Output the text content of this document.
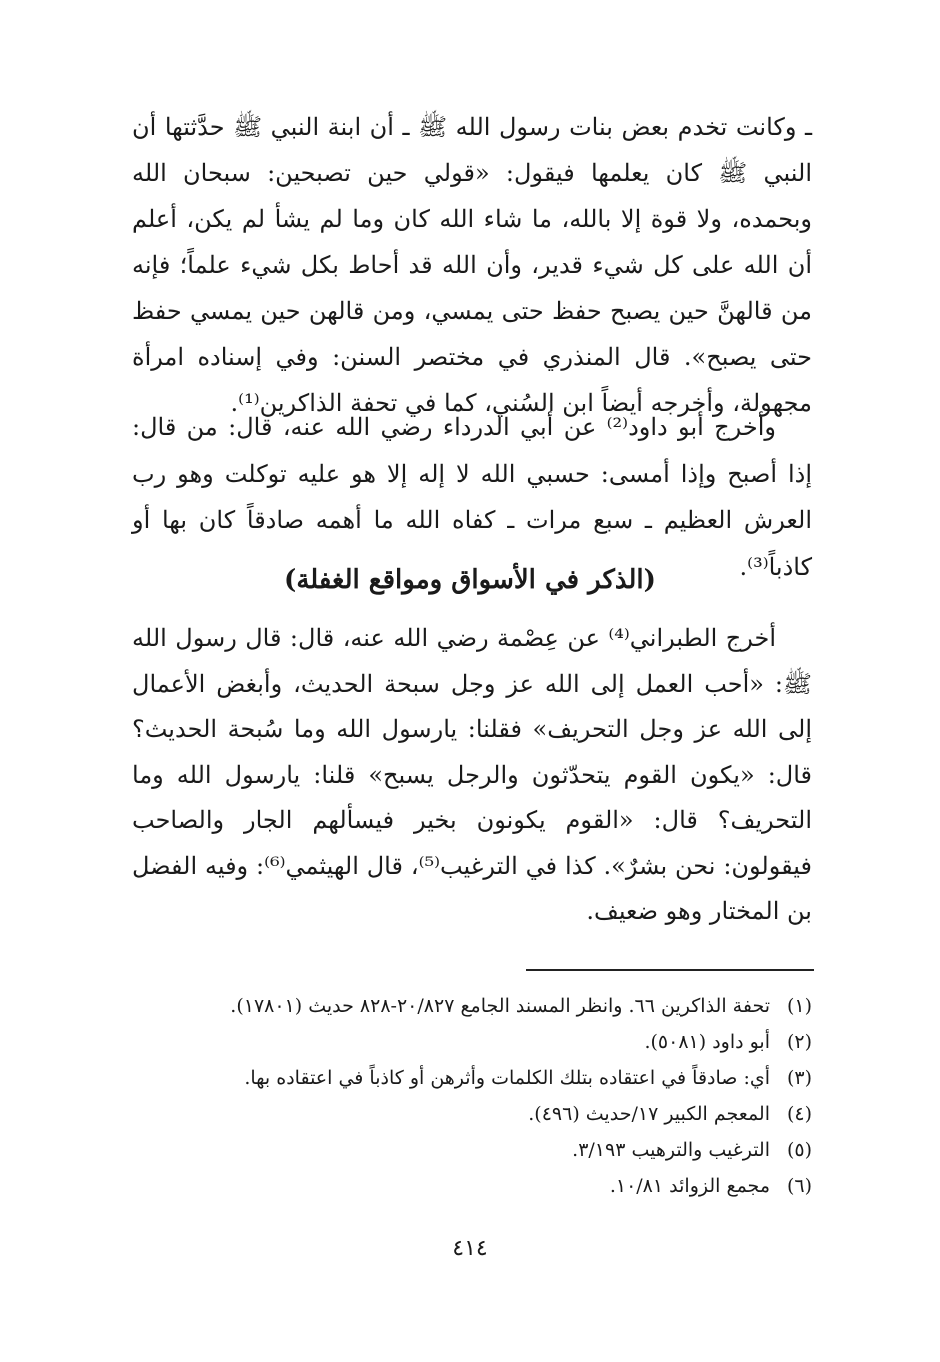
ـ وكانت تخدم بعض بنات رسول الله ﷺ ـ أن ابنة النبي ﷺ حدَّثتها أن النبي ﷺ كان يعلمها فيقول: «قولي حين تصبحين: سبحان الله وبحمده، ولا قوة إلا بالله، ما شاء الله كان وما لم يشأ لم يكن، أعلم أن الله على كل شيء قدير، وأن الله قد أحاط بكل شيء علماً؛ فإنه من قالهنَّ حين يصبح حفظ حتى يمسي، ومن قالهن حين يمسي حفظ حتى يصبح». قال المنذري في مختصر السنن: وفي إسناده امرأة مجهولة، وأخرجه أيضاً ابن السُني، كما في تحفة الذاكرين⁽¹⁾.

وأخرج أبو داود⁽²⁾ عن أبي الدرداء رضي الله عنه، قال: من قال: إذا أصبح وإذا أمسى: حسبي الله لا إله إلا هو عليه توكلت وهو رب العرش العظيم ـ سبع مرات ـ كفاه الله ما أهمه صادقاً كان بها أو كاذباً⁽³⁾.

(الذكر في الأسواق ومواقع الغفلة)

أخرج الطبراني⁽⁴⁾ عن عِصْمة رضي الله عنه، قال: قال رسول الله ﷺ: «أحب العمل إلى الله عز وجل سبحة الحديث، وأبغض الأعمال إلى الله عز وجل التحريف» فقلنا: يارسول الله وما سُبحة الحديث؟ قال: «يكون القوم يتحدّثون والرجل يسبح» قلنا: يارسول الله وما التحريف؟ قال: «القوم يكونون بخير فيسألهم الجار والصاحب فيقولون: نحن بشرٌ». كذا في الترغيب⁽⁵⁾، قال الهيثمي⁽⁶⁾: وفيه الفضل بن المختار وهو ضعيف.

(١)تحفة الذاكرين ٦٦. وانظر المسند الجامع ٢٠/٨٢٧-٨٢٨ حديث (١٧٨٠١).
(٢)أبو داود (٥٠٨١).
(٣)أي: صادقاً في اعتقاده بتلك الكلمات وأثرهن أو كاذباً في اعتقاده بها.
(٤)المعجم الكبير ١٧/حديث (٤٩٦).
(٥)الترغيب والترهيب ٣/١٩٣.
(٦)مجمع الزوائد ١٠/٨١.
٤١٤
